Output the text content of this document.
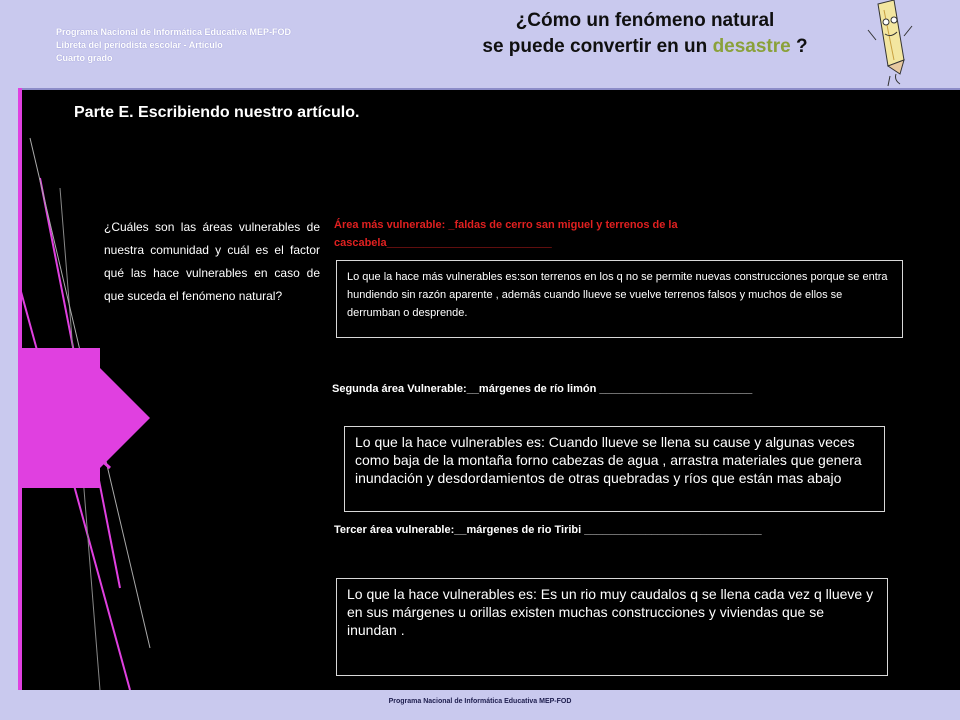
Programa Nacional de Informática Educativa MEP-FOD
Libreta del periodista escolar - Artículo
Cuarto grado
¿Cómo un fenómeno natural
se puede convertir en un desastre ?
Parte E. Escribiendo nuestro artículo.
¿Cuáles son las áreas vulnerables de nuestra comunidad y cuál es el factor qué las hace vulnerables en caso de que suceda el fenómeno natural?
Área más vulnerable: _faldas de cerro san miguel y terrenos de la cascabela___________________________
Lo que la hace más vulnerables es:son terrenos en los q no se permite nuevas construcciones porque se entra hundiendo sin razón aparente , además cuando llueve se vuelve terrenos falsos y muchos de ellos se derrumban o desprende.
Segunda área Vulnerable:__márgenes de río limón _________________________
Lo que la hace vulnerables es: Cuando llueve se llena su cause y algunas veces como baja de la montaña forno cabezas de agua , arrastra materiales que genera inundación y desdordamientos de otras quebradas y ríos que están mas abajo
Tercer área vulnerable:__márgenes de rio Tiribi _____________________________
Lo que la hace vulnerables es: Es un rio muy caudalos q se llena cada vez q llueve y en sus márgenes u orillas existen muchas construcciones y viviendas que se inundan .
Programa Nacional de Informática Educativa MEP-FOD
